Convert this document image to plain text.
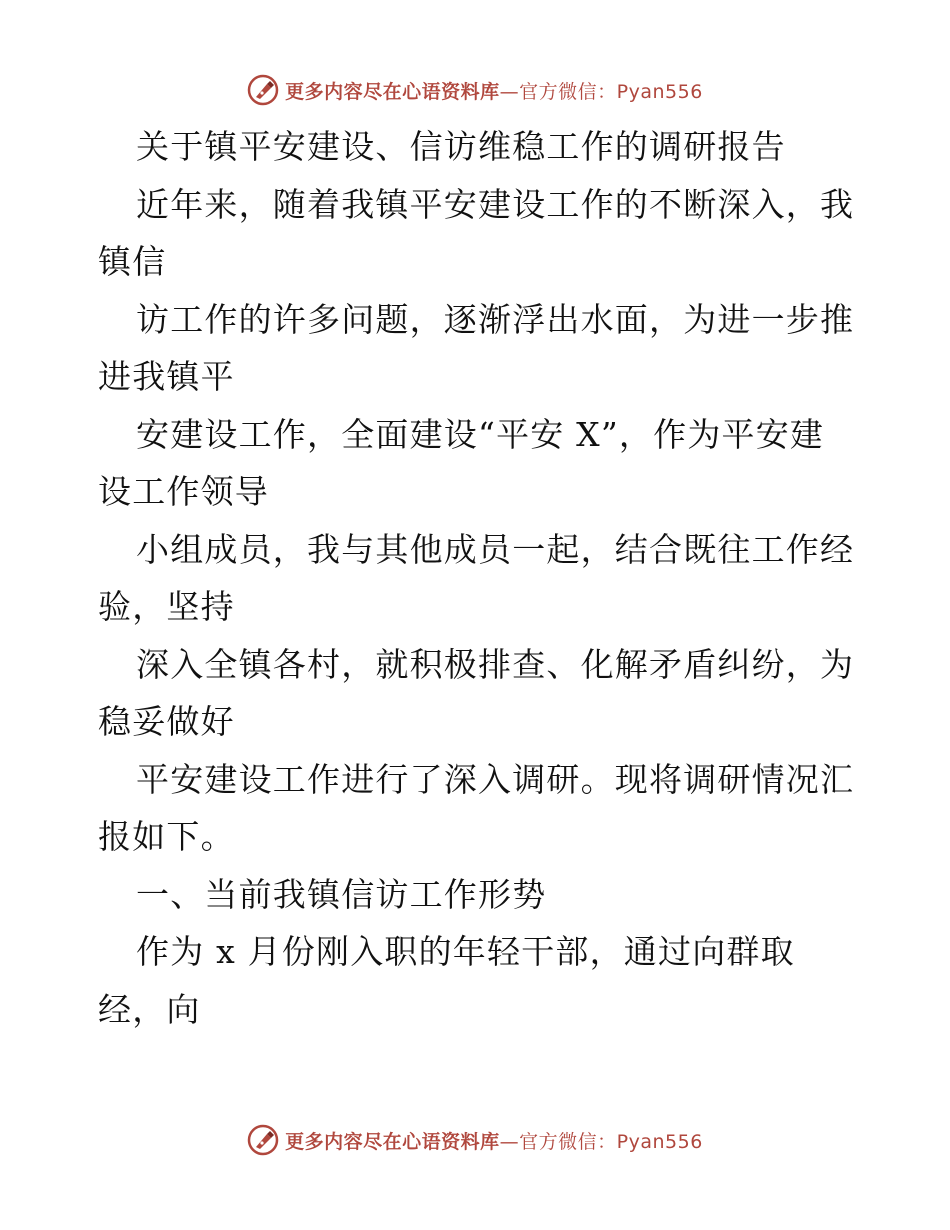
更多内容尽在心语资料库—官方微信：Pyan556
关于镇平安建设、信访维稳工作的调研报告
近年来，随着我镇平安建设工作的不断深入，我
镇信
访工作的许多问题，逐渐浮出水面，为进一步推
进我镇平
安建设工作，全面建设“平安 X”，作为平安建
设工作领导
小组成员，我与其他成员一起，结合既往工作经
验，坚持
深入全镇各村，就积极排查、化解矛盾纠纷，为
稳妥做好
平安建设工作进行了深入调研。现将调研情况汇
报如下。
一、当前我镇信访工作形势
作为 x 月份刚入职的年轻干部，通过向群取
经，向
更多内容尽在心语资料库—官方微信：Pyan556
